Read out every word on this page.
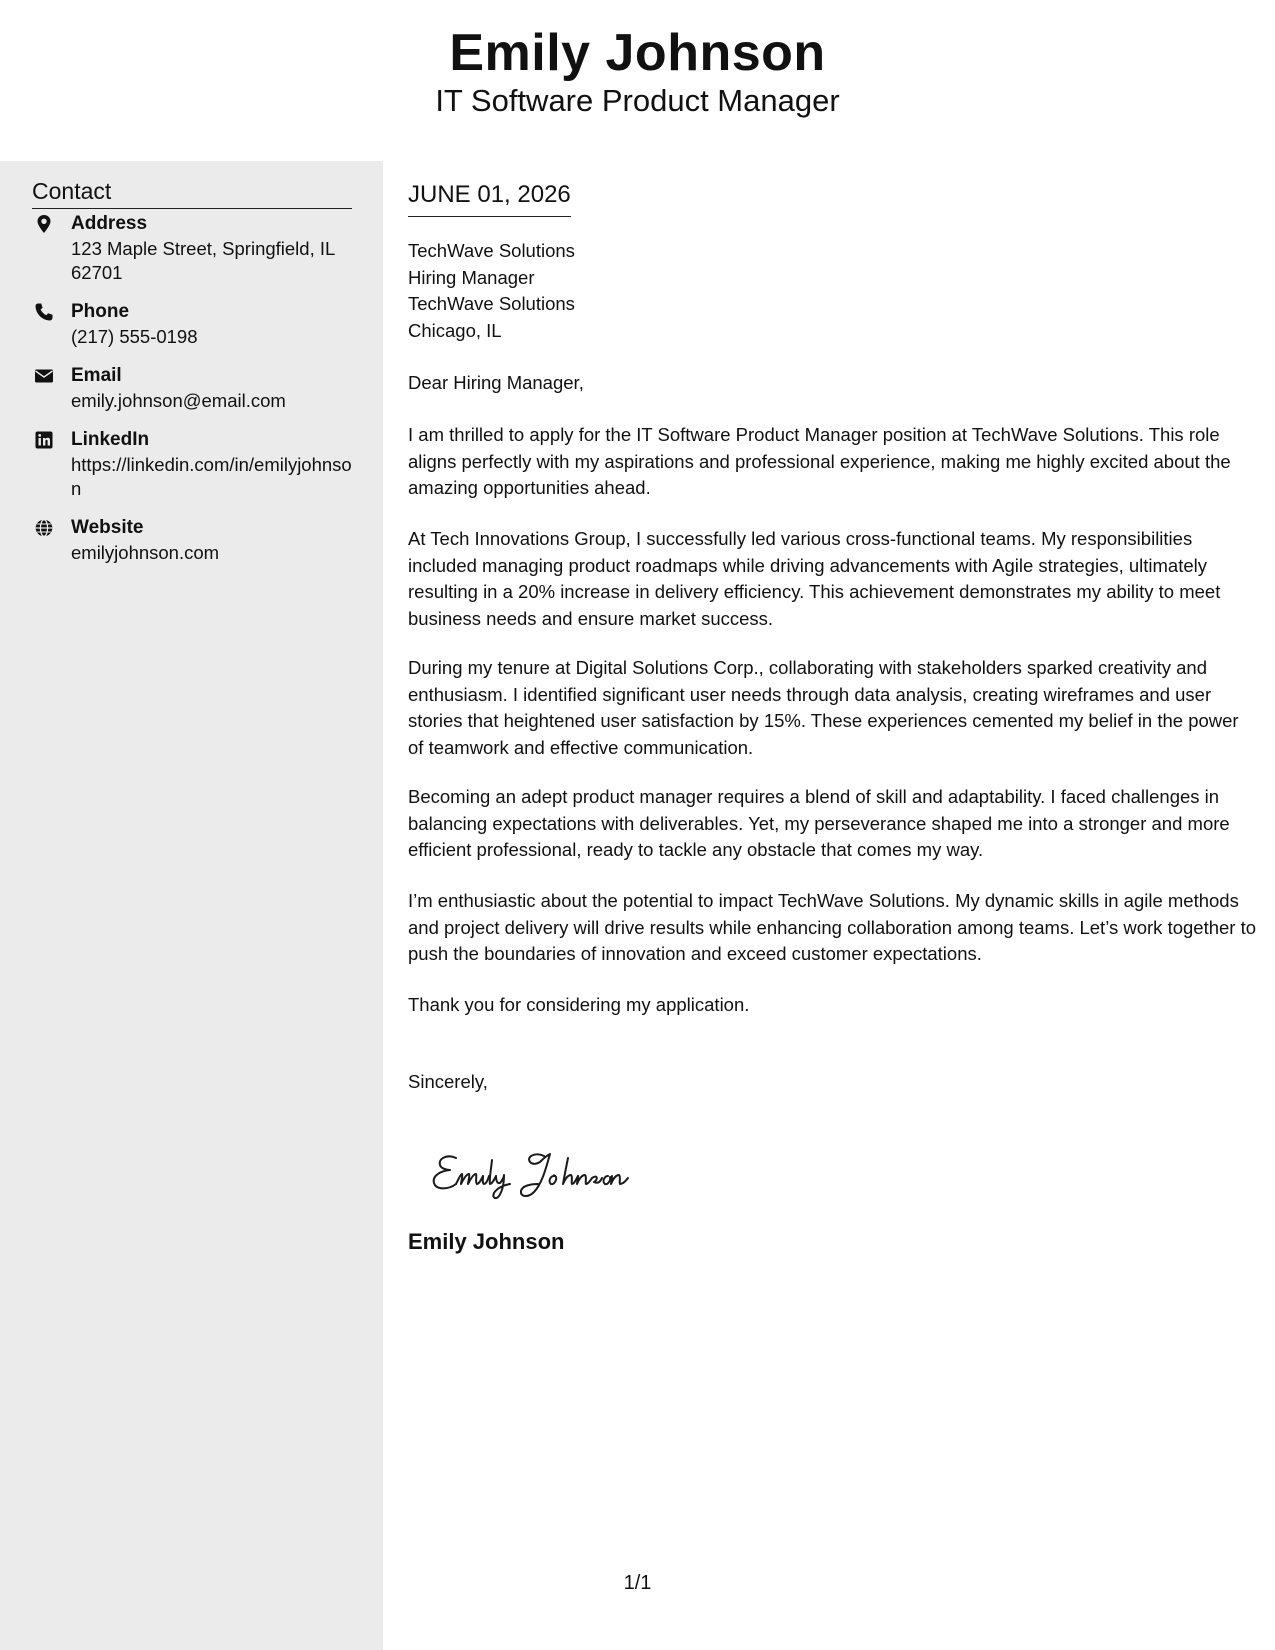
Emily Johnson
IT Software Product Manager
Contact
Address
123 Maple Street, Springfield, IL 62701
Phone
(217) 555-0198
Email
emily.johnson@email.com
LinkedIn
https://linkedin.com/in/emilyjohnson
Website
emilyjohnson.com
JUNE 01, 2026
TechWave Solutions
Hiring Manager
TechWave Solutions
Chicago, IL
Dear Hiring Manager,
I am thrilled to apply for the IT Software Product Manager position at TechWave Solutions. This role aligns perfectly with my aspirations and professional experience, making me highly excited about the amazing opportunities ahead.
At Tech Innovations Group, I successfully led various cross-functional teams. My responsibilities included managing product roadmaps while driving advancements with Agile strategies, ultimately resulting in a 20% increase in delivery efficiency. This achievement demonstrates my ability to meet business needs and ensure market success.
During my tenure at Digital Solutions Corp., collaborating with stakeholders sparked creativity and enthusiasm. I identified significant user needs through data analysis, creating wireframes and user stories that heightened user satisfaction by 15%. These experiences cemented my belief in the power of teamwork and effective communication.
Becoming an adept product manager requires a blend of skill and adaptability. I faced challenges in balancing expectations with deliverables. Yet, my perseverance shaped me into a stronger and more efficient professional, ready to tackle any obstacle that comes my way.
I’m enthusiastic about the potential to impact TechWave Solutions. My dynamic skills in agile methods and project delivery will drive results while enhancing collaboration among teams. Let’s work together to push the boundaries of innovation and exceed customer expectations.
Thank you for considering my application.
Sincerely,
Emily Johnson
1/1
